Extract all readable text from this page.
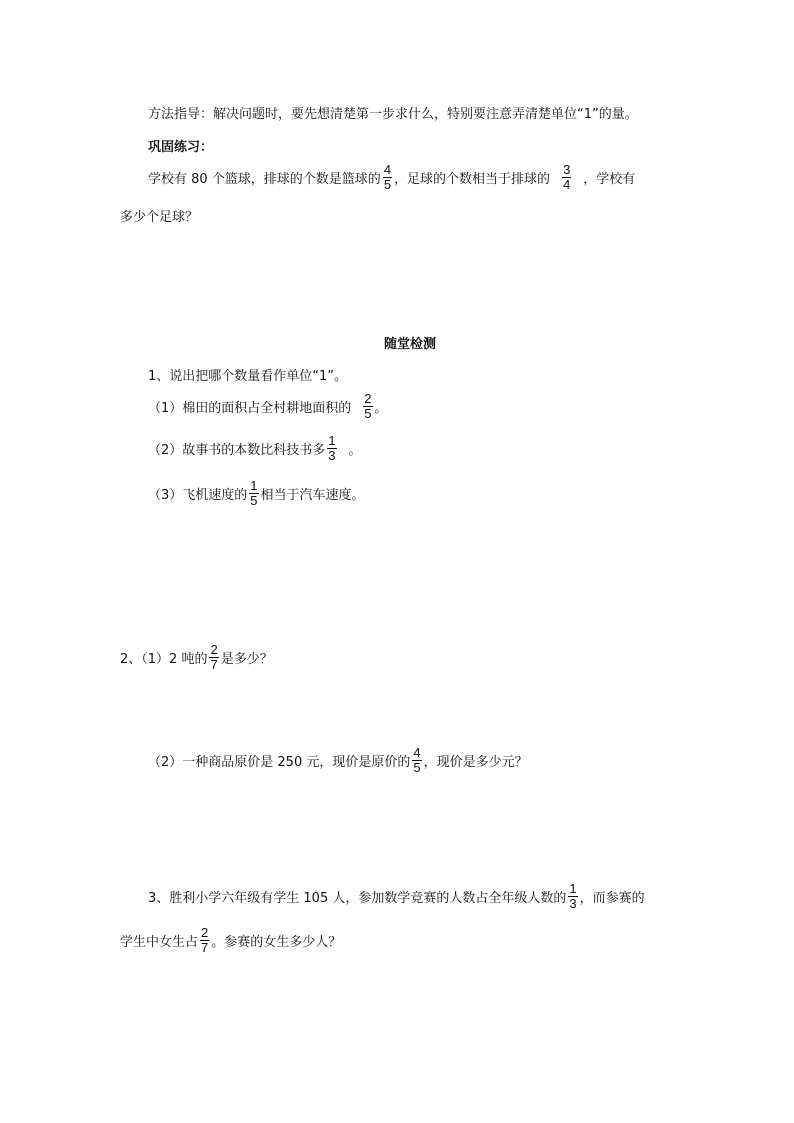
方法指导：解决问题时，要先想清楚第一步求什么，特别要注意弄清楚单位“1”的量。
巩固练习：
学校有 80 个篮球，排球的个数是篮球的 $\frac{4}{5}$ ，足球的个数相当于排球的 $\frac{3}{4}$ ，学校有
多少个足球？
随堂检测
1、说出把哪个数量看作单位“1”。
（1）棉田的面积占全村耕地面积的 $\frac{2}{5}$ 。
（2）故事书的本数比科技书多 $\frac{1}{3}$ 。
（3）飞机速度的 $\frac{1}{5}$ 相当于汽车速度。
2、（1）2 吨的 $\frac{2}{7}$ 是多少？
（2）一种商品原价是 250 元，现价是原价的 $\frac{4}{5}$ ，现价是多少元？
3、胜利小学六年级有学生 105 人，参加数学竞赛的人数占全年级人数的 $\frac{1}{3}$ ，而参赛的
学生中女生占 $\frac{2}{7}$ 。参赛的女生多少人？
